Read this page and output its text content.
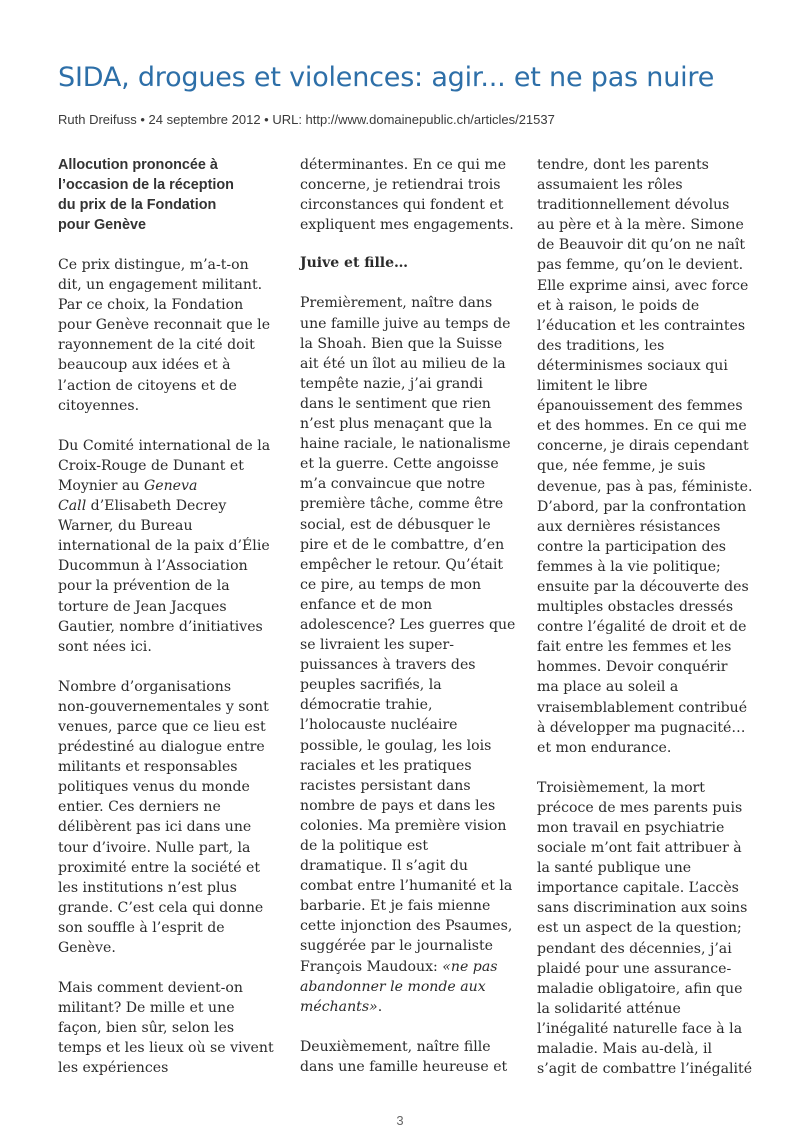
SIDA, drogues et violences: agir... et ne pas nuire
Ruth Dreifuss • 24 septembre 2012 • URL: http://www.domainepublic.ch/articles/21537
Allocution prononcée à
l’occasion de la réception
du prix de la Fondation
pour Genève

Ce prix distingue, m’a-t-on
dit, un engagement militant.
Par ce choix, la Fondation
pour Genève reconnait que le
rayonnement de la cité doit
beaucoup aux idées et à
l’action de citoyens et de
citoyennes.

Du Comité international de la
Croix-Rouge de Dunant et
Moynier au Geneva
Call d’Elisabeth Decrey
Warner, du Bureau
international de la paix d’Élie
Ducommun à l’Association
pour la prévention de la
torture de Jean Jacques
Gautier, nombre d’initiatives
sont nées ici.

Nombre d’organisations
non-gouvernementales y sont
venues, parce que ce lieu est
prédestiné au dialogue entre
militants et responsables
politiques venus du monde
entier. Ces derniers ne
délibèrent pas ici dans une
tour d’ivoire. Nulle part, la
proximité entre la société et
les institutions n’est plus
grande. C’est cela qui donne
son souffle à l’esprit de
Genève.

Mais comment devient-on
militant? De mille et une
façon, bien sûr, selon les
temps et les lieux où se vivent
les expériences

déterminantes. En ce qui me
concerne, je retiendrai trois
circonstances qui fondent et
expliquent mes engagements.

Juive et fille…

Premièrement, naître dans
une famille juive au temps de
la Shoah. Bien que la Suisse
ait été un îlot au milieu de la
tempête nazie, j’ai grandi
dans le sentiment que rien
n’est plus menaçant que la
haine raciale, le nationalisme
et la guerre. Cette angoisse
m’a convaincue que notre
première tâche, comme être
social, est de débusquer le
pire et de le combattre, d’en
empêcher le retour. Qu’était
ce pire, au temps de mon
enfance et de mon
adolescence? Les guerres que
se livraient les super-
puissances à travers des
peuples sacrifiés, la
démocratie trahie,
l’holocauste nucléaire
possible, le goulag, les lois
raciales et les pratiques
racistes persistant dans
nombre de pays et dans les
colonies. Ma première vision
de la politique est
dramatique. Il s’agit du
combat entre l’humanité et la
barbarie. Et je fais mienne
cette injonction des Psaumes,
suggérée par le journaliste
François Maudoux: «ne pas
abandonner le monde aux
méchants».

Deuxièmement, naître fille
dans une famille heureuse et

tendre, dont les parents
assumaient les rôles
traditionnellement dévolus
au père et à la mère. Simone
de Beauvoir dit qu’on ne naît
pas femme, qu’on le devient.
Elle exprime ainsi, avec force
et à raison, le poids de
l’éducation et les contraintes
des traditions, les
déterminismes sociaux qui
limitent le libre
épanouissement des femmes
et des hommes. En ce qui me
concerne, je dirais cependant
que, née femme, je suis
devenue, pas à pas, féministe.
D’abord, par la confrontation
aux dernières résistances
contre la participation des
femmes à la vie politique;
ensuite par la découverte des
multiples obstacles dressés
contre l’égalité de droit et de
fait entre les femmes et les
hommes. Devoir conquérir
ma place au soleil a
vraisemblablement contribué
à développer ma pugnacité…
et mon endurance.

Troisièmement, la mort
précoce de mes parents puis
mon travail en psychiatrie
sociale m’ont fait attribuer à
la santé publique une
importance capitale. L’accès
sans discrimination aux soins
est un aspect de la question;
pendant des décennies, j’ai
plaidé pour une assurance-
maladie obligatoire, afin que
la solidarité atténue
l’inégalité naturelle face à la
maladie. Mais au-delà, il
s’agit de combattre l’inégalité

3
